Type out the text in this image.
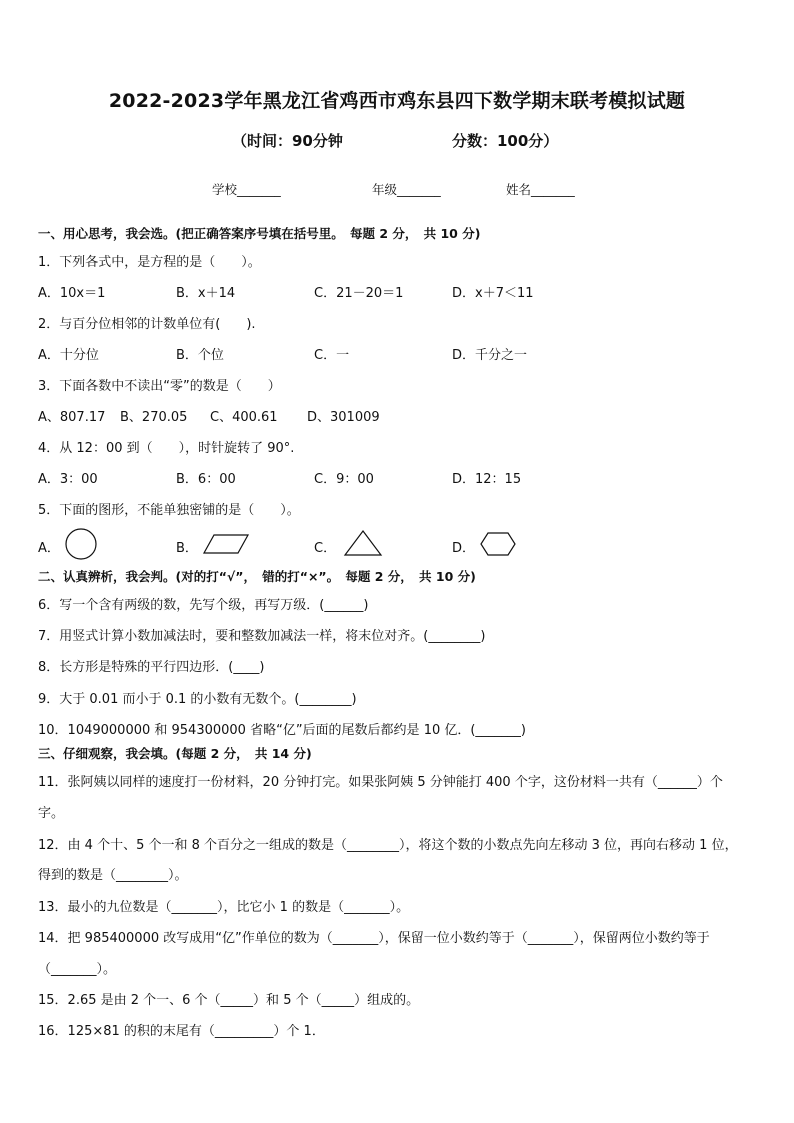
2022-2023学年黑龙江省鸡西市鸡东县四下数学期末联考模拟试题
（时间：90分钟	分数：100分）
学校_______	年级_______	姓名_______
一、用心思考，我会选。(把正确答案序号填在括号里。　每题 2 分，　共 10 分)
1．下列各式中，是方程的是（　　）。
A．10x＝1	B．x＋14	C．21－20＝1	D．x＋7＜11
2．与百分位相邻的计数单位有(　　).
A．十分位	B．个位	C．一	D．千分之一
3．下面各数中不读出“零”的数是（　　）
A、807.17 B、270.05 C、400.61 D、301009
4．从 12：00 到（　　），时针旋转了 90°.
A．3：00	B．6：00	C．9：00	D．12：15
5．下面的图形，不能单独密铺的是（　　）。
A．	B．	C．	D．
二、认真辨析，我会判。(对的打“√”，　错的打“×”。　每题 2 分，　共 10 分)
6．写一个含有两级的数，先写个级，再写万级．(______)
7．用竖式计算小数加减法时，要和整数加减法一样，将末位对齐。(________)
8．长方形是特殊的平行四边形．(____)
9．大于 0.01 而小于 0.1 的小数有无数个。(________)
10．1049000000 和 954300000 省略“亿”后面的尾数后都约是 10 亿．(_______)
三、仔细观察，我会填。(每题 2 分，　共 14 分)
11．张阿姨以同样的速度打一份材料，20 分钟打完。如果张阿姨 5 分钟能打 400 个字，这份材料一共有（______）个
字。
12．由 4 个十、5 个一和 8 个百分之一组成的数是（________），将这个数的小数点先向左移动 3 位，再向右移动 1 位，
得到的数是（________）。
13．最小的九位数是（_______），比它小 1 的数是（_______）。
14．把 985400000 改写成用“亿”作单位的数为（_______），保留一位小数约等于（_______），保留两位小数约等于
（_______）。
15．2.65 是由 2 个一、6 个（_____）和 5 个（_____）组成的。
16．125×81 的积的末尾有（_________）个 1．
